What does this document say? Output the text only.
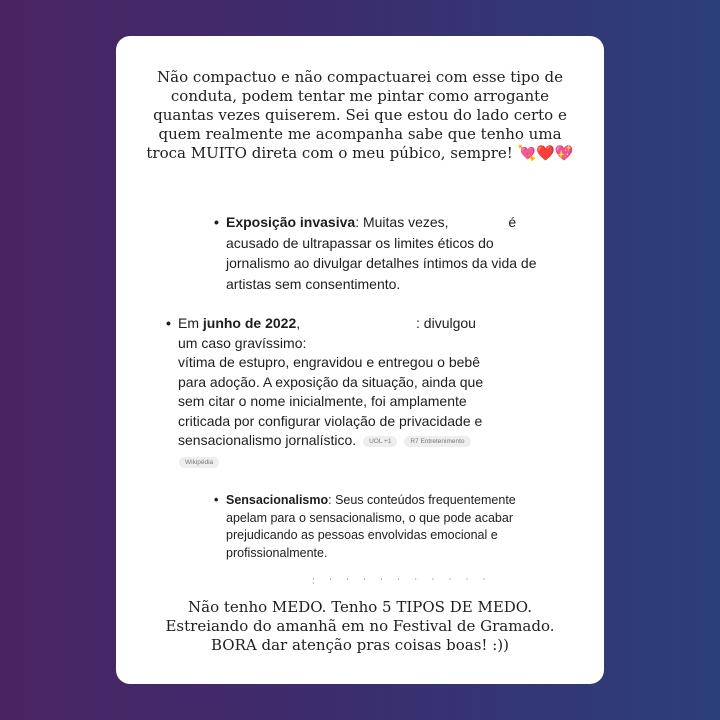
Não compactuo e não compactuarei com esse tipo de conduta, podem tentar me pintar como arrogante quantas vezes quiserem. Sei que estou do lado certo e quem realmente me acompanha sabe que tenho uma troca MUITO direta com o meu púbico, sempre! 💘❤️💖
• Exposição invasiva: Muitas vezes,	é acusado de ultrapassar os limites éticos do jornalismo ao divulgar detalhes íntimos da vida de artistas sem consentimento.
• Em junho de 2022,	: divulgou um caso gravíssimo:
vítima de estupro, engravidou e entregou o bebê para adoção. A exposição da situação, ainda que sem citar o nome inicialmente, foi amplamente criticada por configurar violação de privacidade e sensacionalismo jornalístico. UOL +1	R7 Entretenimento
Wikipédia
• Sensacionalismo: Seus conteúdos frequentemente apelam para o sensacionalismo, o que pode acabar prejudicando as pessoas envolvidas emocional e profissionalmente.
· · · · · · · · · · · ·
Não tenho MEDO. Tenho 5 TIPOS DE MEDO. Estreiando do amanhã em no Festival de Gramado. BORA dar atenção pras coisas boas! :))
